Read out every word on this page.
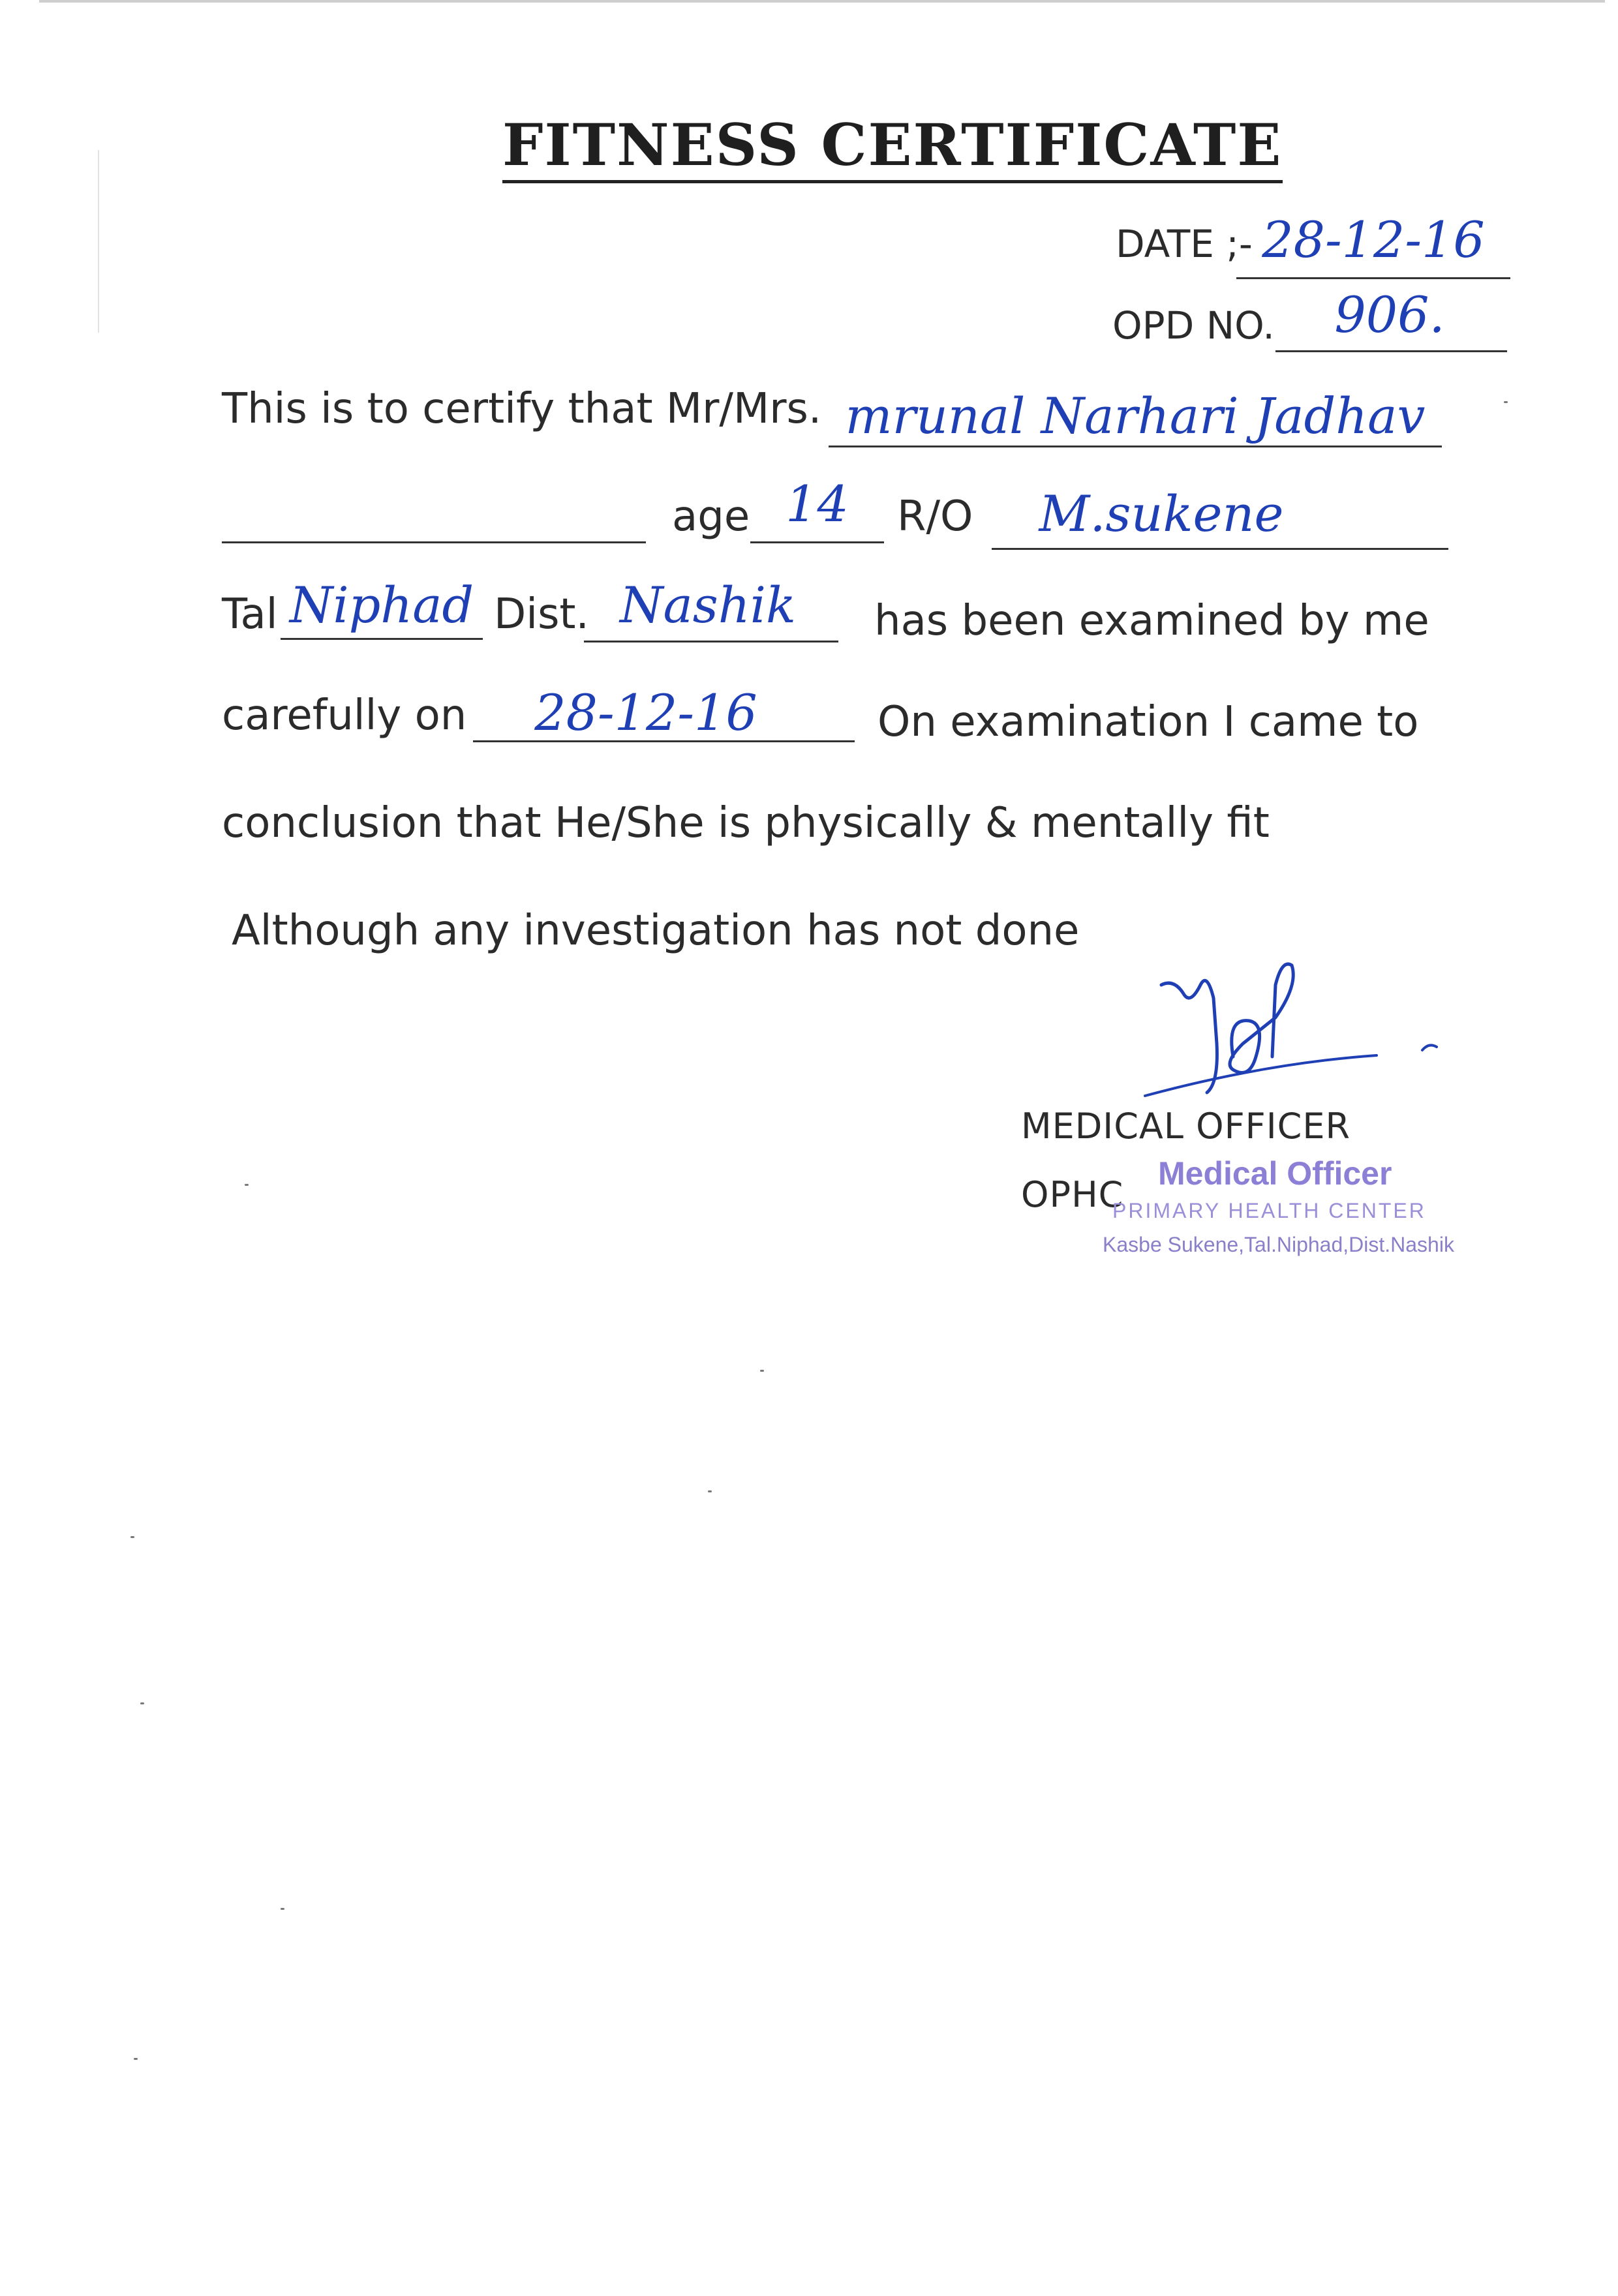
FITNESS CERTIFICATE
DATE ;- 28-12-16
OPD NO.	906.
This is to certify that Mr/Mrs. mrunal Narhari Jadhav
age 14	R/O	M.sukene
Tal Niphad Dist. Nashik	has been examined by me
carefully on	28-12-16	On examination I came to
conclusion that He/She is physically & mentally fit
Although any investigation has not done
MEDICAL OFFICER
OPHC
Medical Officer
PRIMARY HEALTH CENTER
Kasbe Sukene,Tal.Niphad,Dist.Nashik
